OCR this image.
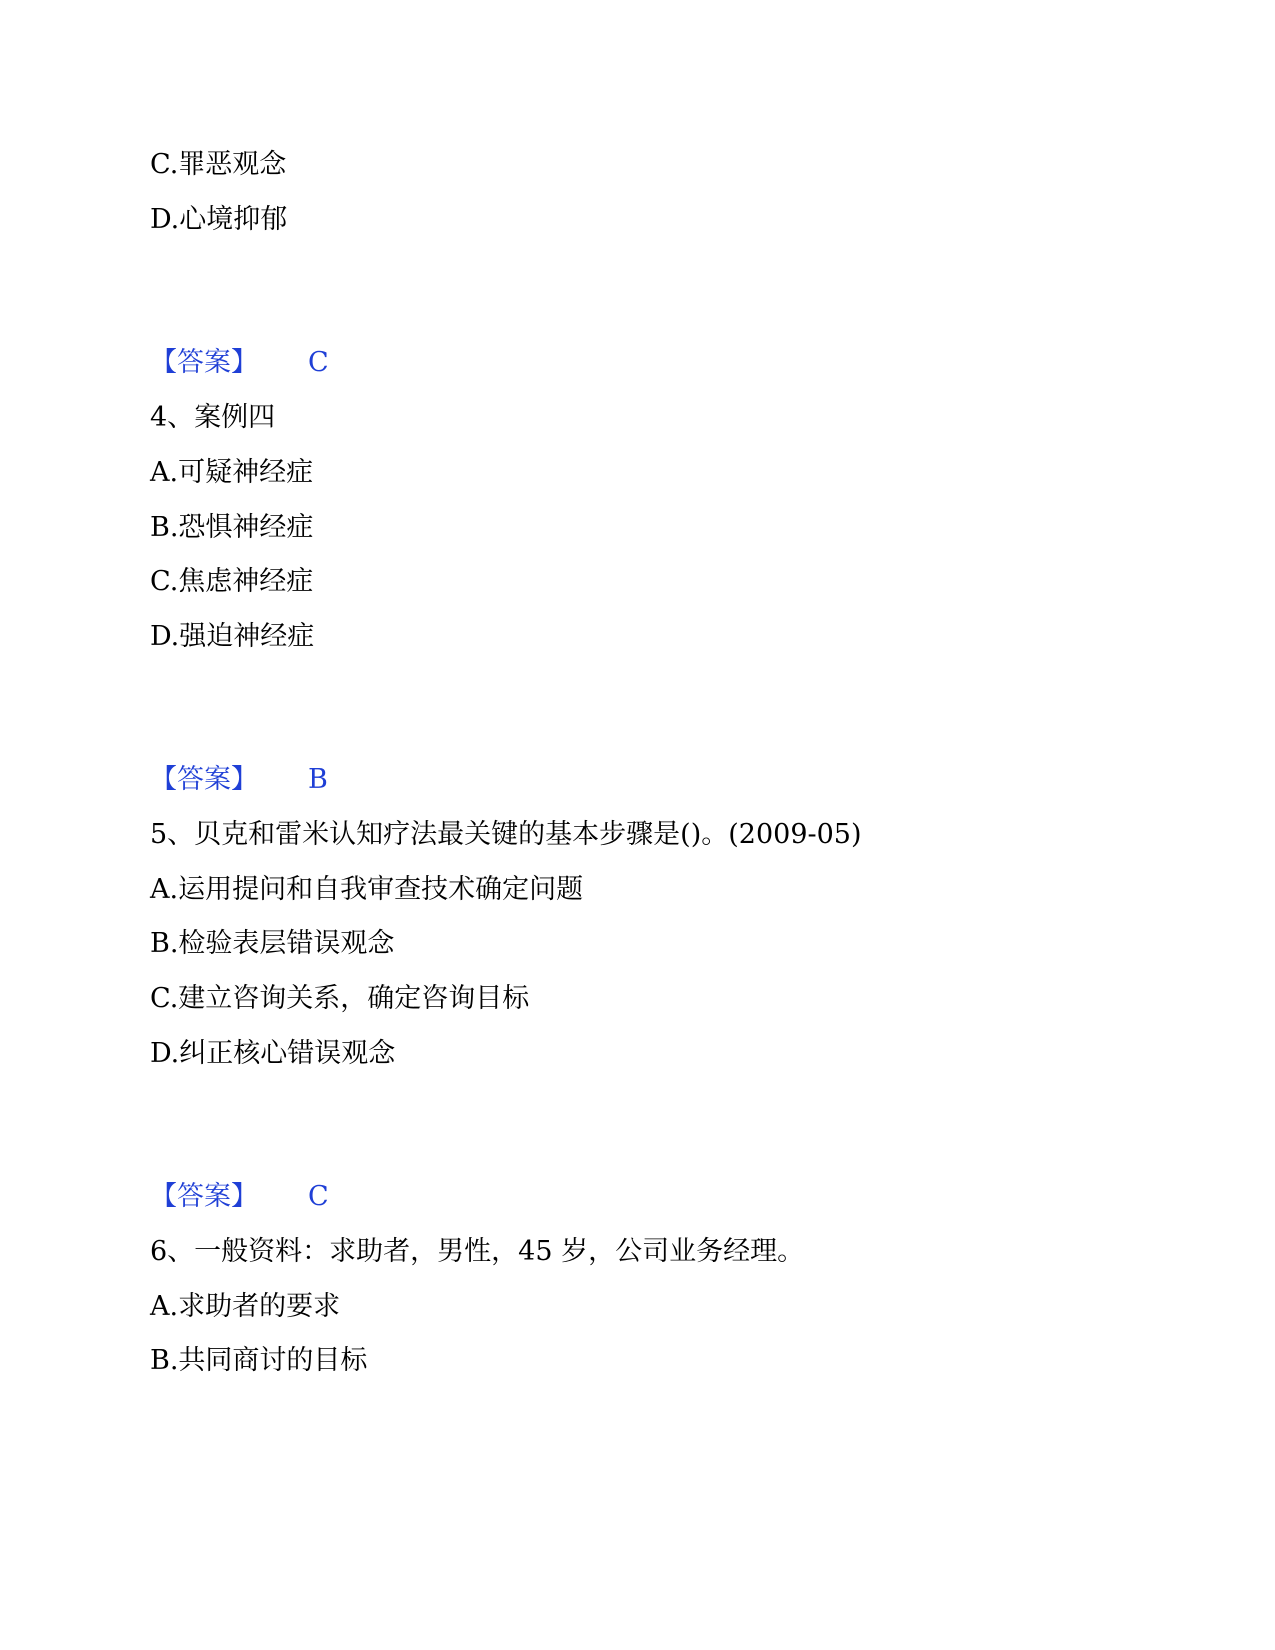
C.罪恶观念
D.心境抑郁
【答案】 C
4、案例四
A.可疑神经症
B.恐惧神经症
C.焦虑神经症
D.强迫神经症
【答案】 B
5、贝克和雷米认知疗法最关键的基本步骤是()。(2009-05)
A.运用提问和自我审查技术确定问题
B.检验表层错误观念
C.建立咨询关系，确定咨询目标
D.纠正核心错误观念
【答案】 C
6、一般资料：求助者，男性，45 岁，公司业务经理。
A.求助者的要求
B.共同商讨的目标
